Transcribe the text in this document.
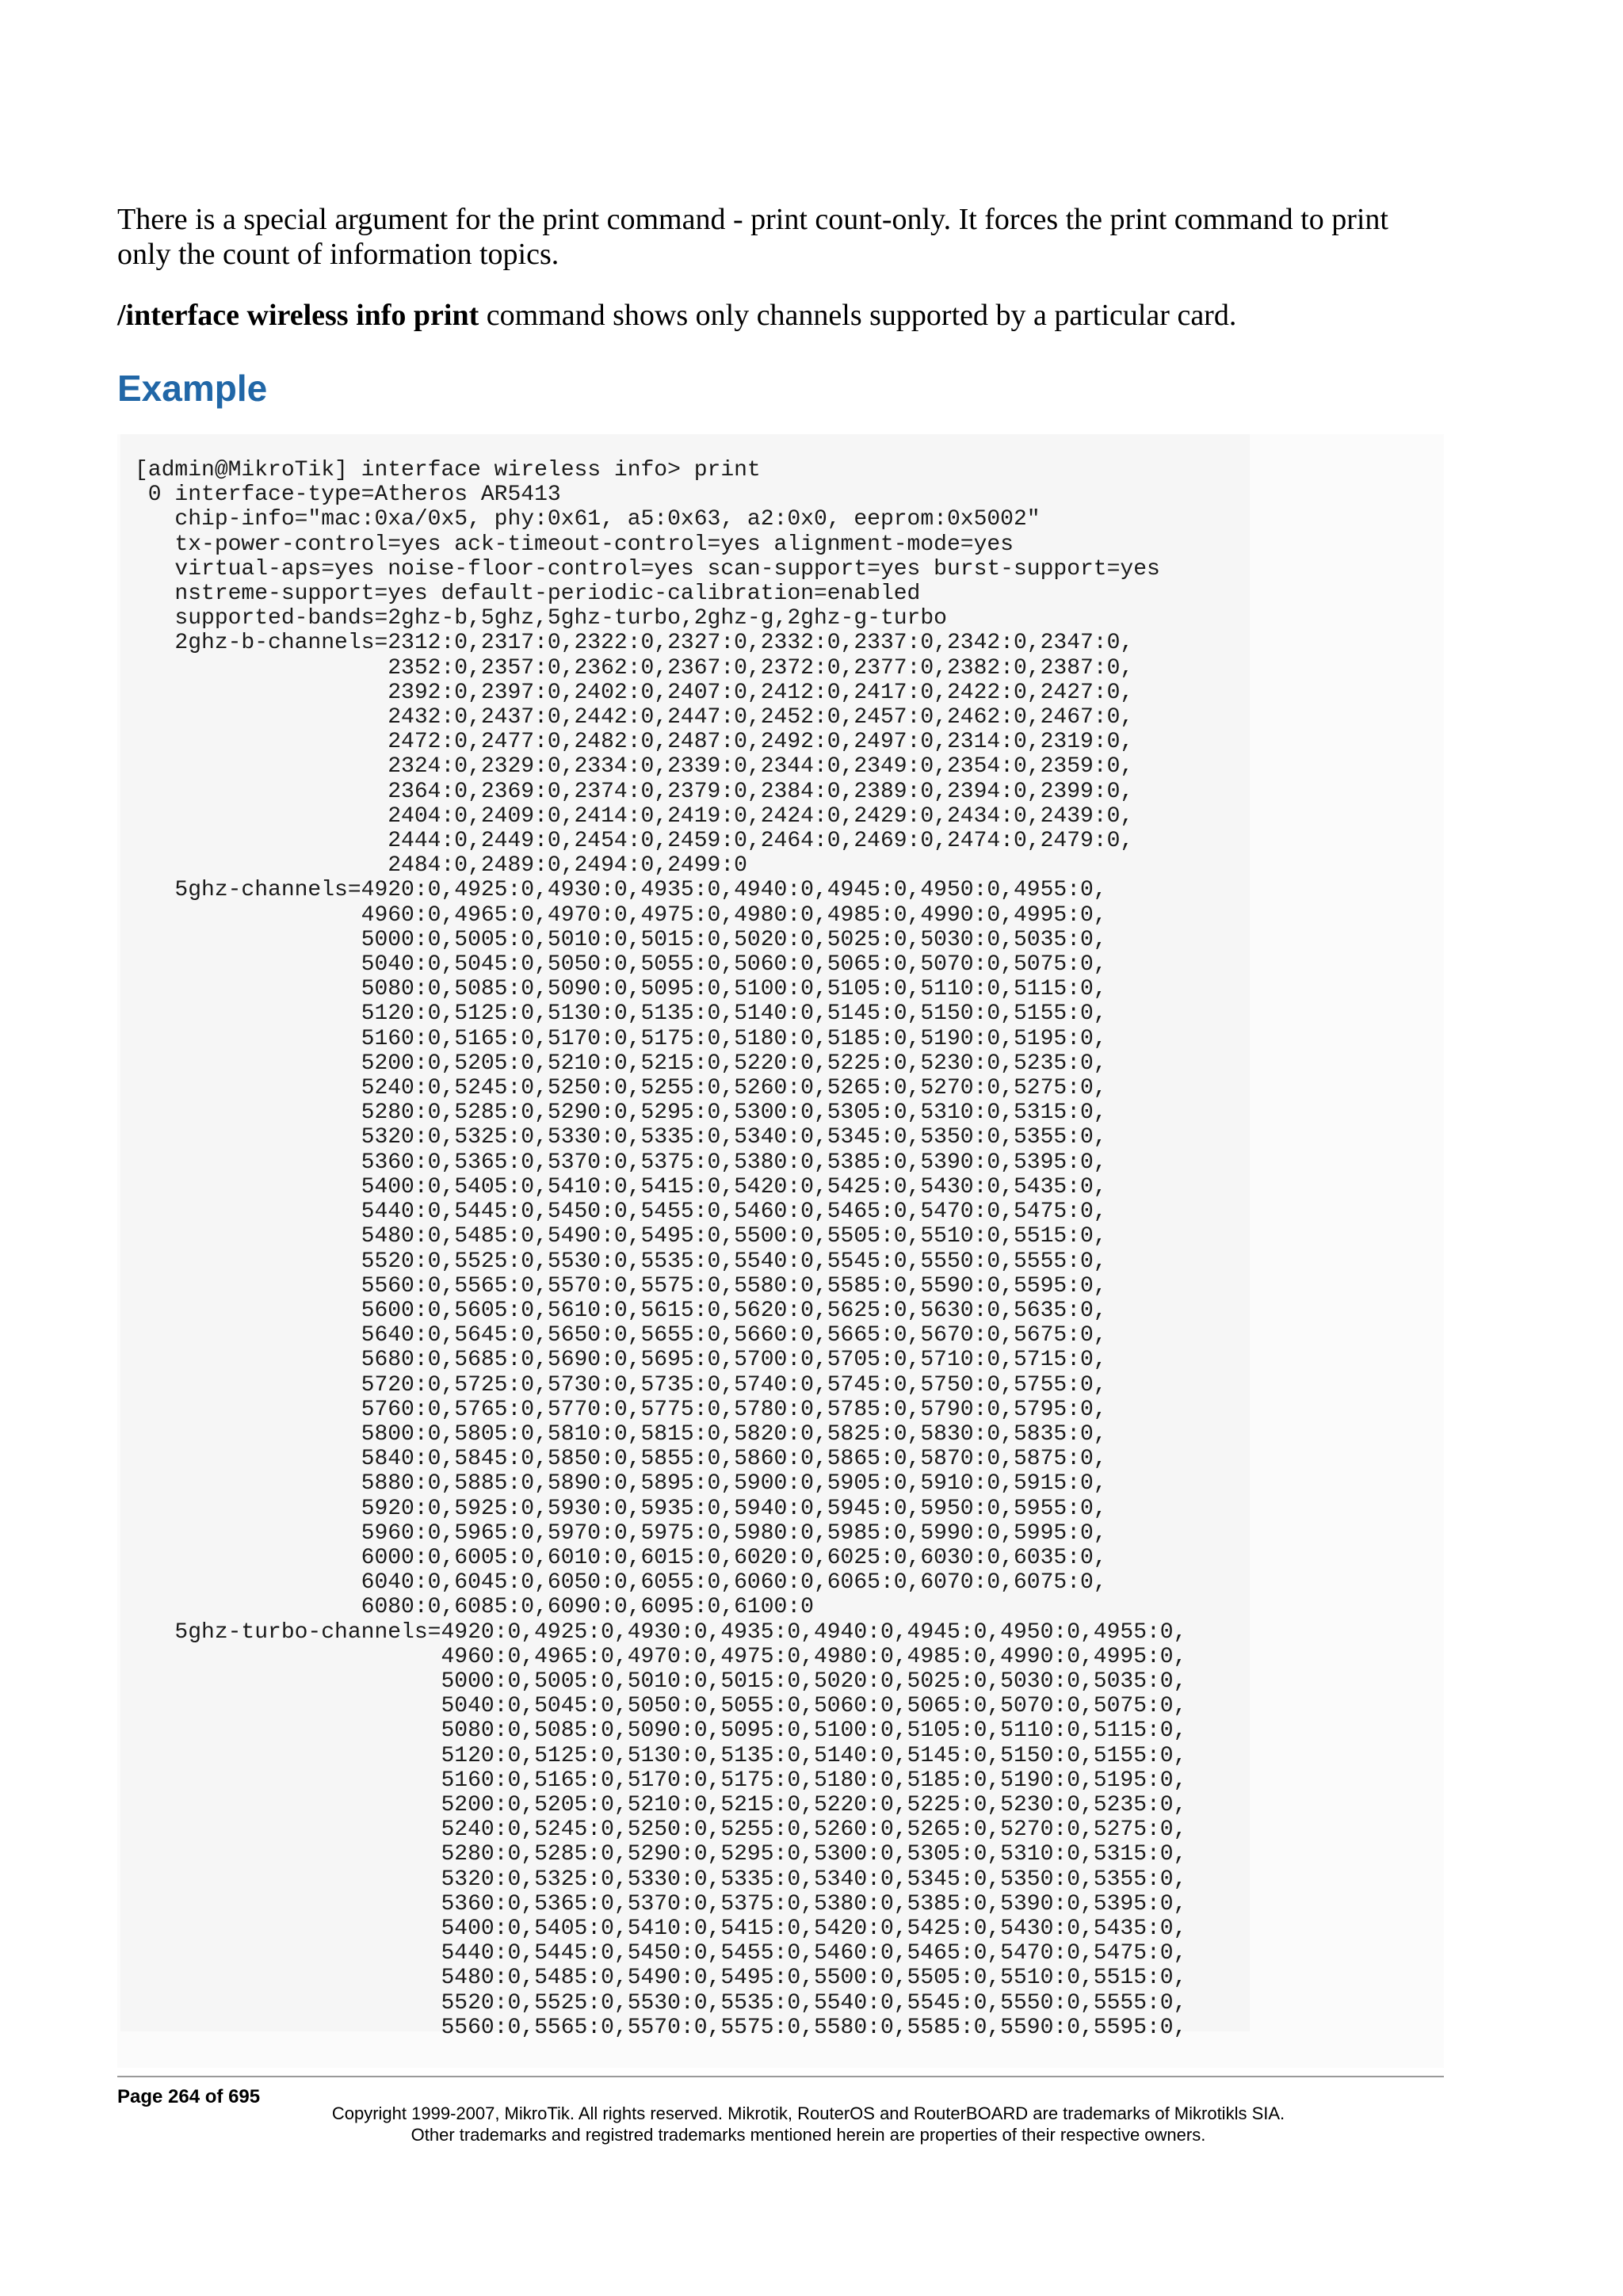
There is a special argument for the print command - print count-only. It forces the print command to print only the count of information topics.

/interface wireless info print command shows only channels supported by a particular card.

Example
[admin@MikroTik] interface wireless info> print
0 interface-type=Atheros AR5413
chip-info="mac:0xa/0x5, phy:0x61, a5:0x63, a2:0x0, eeprom:0x5002"
tx-power-control=yes ack-timeout-control=yes alignment-mode=yes
virtual-aps=yes noise-floor-control=yes scan-support=yes burst-support=yes
nstreme-support=yes default-periodic-calibration=enabled
supported-bands=2ghz-b,5ghz,5ghz-turbo,2ghz-g,2ghz-g-turbo
2ghz-b-channels=2312:0,2317:0,2322:0,2327:0,2332:0,2337:0,2342:0,2347:0,
2352:0,2357:0,2362:0,2367:0,2372:0,2377:0,2382:0,2387:0,
2392:0,2397:0,2402:0,2407:0,2412:0,2417:0,2422:0,2427:0,
2432:0,2437:0,2442:0,2447:0,2452:0,2457:0,2462:0,2467:0,
2472:0,2477:0,2482:0,2487:0,2492:0,2497:0,2314:0,2319:0,
2324:0,2329:0,2334:0,2339:0,2344:0,2349:0,2354:0,2359:0,
2364:0,2369:0,2374:0,2379:0,2384:0,2389:0,2394:0,2399:0,
2404:0,2409:0,2414:0,2419:0,2424:0,2429:0,2434:0,2439:0,
2444:0,2449:0,2454:0,2459:0,2464:0,2469:0,2474:0,2479:0,
2484:0,2489:0,2494:0,2499:0
5ghz-channels=4920:0,4925:0,4930:0,4935:0,4940:0,4945:0,4950:0,4955:0,
4960:0,4965:0,4970:0,4975:0,4980:0,4985:0,4990:0,4995:0,
5000:0,5005:0,5010:0,5015:0,5020:0,5025:0,5030:0,5035:0,
5040:0,5045:0,5050:0,5055:0,5060:0,5065:0,5070:0,5075:0,
5080:0,5085:0,5090:0,5095:0,5100:0,5105:0,5110:0,5115:0,
5120:0,5125:0,5130:0,5135:0,5140:0,5145:0,5150:0,5155:0,
5160:0,5165:0,5170:0,5175:0,5180:0,5185:0,5190:0,5195:0,
5200:0,5205:0,5210:0,5215:0,5220:0,5225:0,5230:0,5235:0,
5240:0,5245:0,5250:0,5255:0,5260:0,5265:0,5270:0,5275:0,
5280:0,5285:0,5290:0,5295:0,5300:0,5305:0,5310:0,5315:0,
5320:0,5325:0,5330:0,5335:0,5340:0,5345:0,5350:0,5355:0,
5360:0,5365:0,5370:0,5375:0,5380:0,5385:0,5390:0,5395:0,
5400:0,5405:0,5410:0,5415:0,5420:0,5425:0,5430:0,5435:0,
5440:0,5445:0,5450:0,5455:0,5460:0,5465:0,5470:0,5475:0,
5480:0,5485:0,5490:0,5495:0,5500:0,5505:0,5510:0,5515:0,
5520:0,5525:0,5530:0,5535:0,5540:0,5545:0,5550:0,5555:0,
5560:0,5565:0,5570:0,5575:0,5580:0,5585:0,5590:0,5595:0,
5600:0,5605:0,5610:0,5615:0,5620:0,5625:0,5630:0,5635:0,
5640:0,5645:0,5650:0,5655:0,5660:0,5665:0,5670:0,5675:0,
5680:0,5685:0,5690:0,5695:0,5700:0,5705:0,5710:0,5715:0,
5720:0,5725:0,5730:0,5735:0,5740:0,5745:0,5750:0,5755:0,
5760:0,5765:0,5770:0,5775:0,5780:0,5785:0,5790:0,5795:0,
5800:0,5805:0,5810:0,5815:0,5820:0,5825:0,5830:0,5835:0,
5840:0,5845:0,5850:0,5855:0,5860:0,5865:0,5870:0,5875:0,
5880:0,5885:0,5890:0,5895:0,5900:0,5905:0,5910:0,5915:0,
5920:0,5925:0,5930:0,5935:0,5940:0,5945:0,5950:0,5955:0,
5960:0,5965:0,5970:0,5975:0,5980:0,5985:0,5990:0,5995:0,
6000:0,6005:0,6010:0,6015:0,6020:0,6025:0,6030:0,6035:0,
6040:0,6045:0,6050:0,6055:0,6060:0,6065:0,6070:0,6075:0,
6080:0,6085:0,6090:0,6095:0,6100:0
5ghz-turbo-channels=4920:0,4925:0,4930:0,4935:0,4940:0,4945:0,4950:0,4955:0,
4960:0,4965:0,4970:0,4975:0,4980:0,4985:0,4990:0,4995:0,
5000:0,5005:0,5010:0,5015:0,5020:0,5025:0,5030:0,5035:0,
5040:0,5045:0,5050:0,5055:0,5060:0,5065:0,5070:0,5075:0,
5080:0,5085:0,5090:0,5095:0,5100:0,5105:0,5110:0,5115:0,
5120:0,5125:0,5130:0,5135:0,5140:0,5145:0,5150:0,5155:0,
5160:0,5165:0,5170:0,5175:0,5180:0,5185:0,5190:0,5195:0,
5200:0,5205:0,5210:0,5215:0,5220:0,5225:0,5230:0,5235:0,
5240:0,5245:0,5250:0,5255:0,5260:0,5265:0,5270:0,5275:0,
5280:0,5285:0,5290:0,5295:0,5300:0,5305:0,5310:0,5315:0,
5320:0,5325:0,5330:0,5335:0,5340:0,5345:0,5350:0,5355:0,
5360:0,5365:0,5370:0,5375:0,5380:0,5385:0,5390:0,5395:0,
5400:0,5405:0,5410:0,5415:0,5420:0,5425:0,5430:0,5435:0,
5440:0,5445:0,5450:0,5455:0,5460:0,5465:0,5470:0,5475:0,
5480:0,5485:0,5490:0,5495:0,5500:0,5505:0,5510:0,5515:0,
5520:0,5525:0,5530:0,5535:0,5540:0,5545:0,5550:0,5555:0,
5560:0,5565:0,5570:0,5575:0,5580:0,5585:0,5590:0,5595:0,
Page 264 of 695
Copyright 1999-2007, MikroTik. All rights reserved. Mikrotik, RouterOS and RouterBOARD are trademarks of Mikrotikls SIA.
Other trademarks and registred trademarks mentioned herein are properties of their respective owners.
